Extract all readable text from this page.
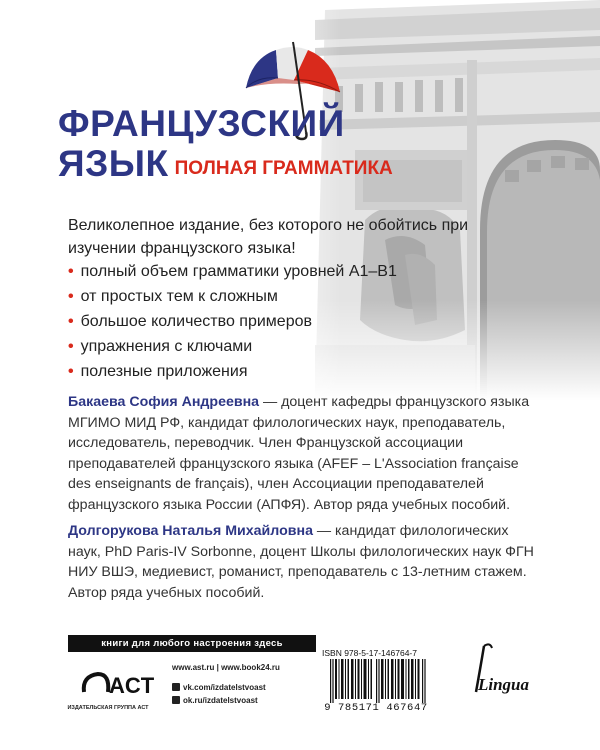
ФРАНЦУЗСКИЙ
ЯЗЫК ПОЛНАЯ ГРАММАТИКА
Великолепное издание, без которого не обойтись при изучении французского языка!
• полный объем грамматики уровней А1–В1
• от простых тем к сложным
• большое количество примеров
• упражнения с ключами
• полезные приложения
Бакаева София Андреевна — доцент кафедры французского языка МГИМО МИД РФ, кандидат филологических наук, преподаватель, исследователь, переводчик. Член Французской ассоциации преподавателей французского языка (AFEF – L'Association française des enseignants de français), член Ассоциации преподавателей французского языка России (АПФЯ). Автор ряда учебных пособий.
Долгорукова Наталья Михайловна — кандидат филологических наук, PhD Paris-IV Sorbonne, доцент Школы филологических наук ФГН НИУ ВШЭ, медиевист, романист, преподаватель с 13-летним стажем. Автор ряда учебных пособий.
книги для любого настроения здесь
ACT
ИЗДАТЕЛЬСКАЯ ГРУППА АСТ
www.ast.ru | www.book24.ru
vk.com/izdatelstvoast
ok.ru/izdatelstvoast
ISBN 978-5-17-146764-7
9 785171 467647
Lingua
